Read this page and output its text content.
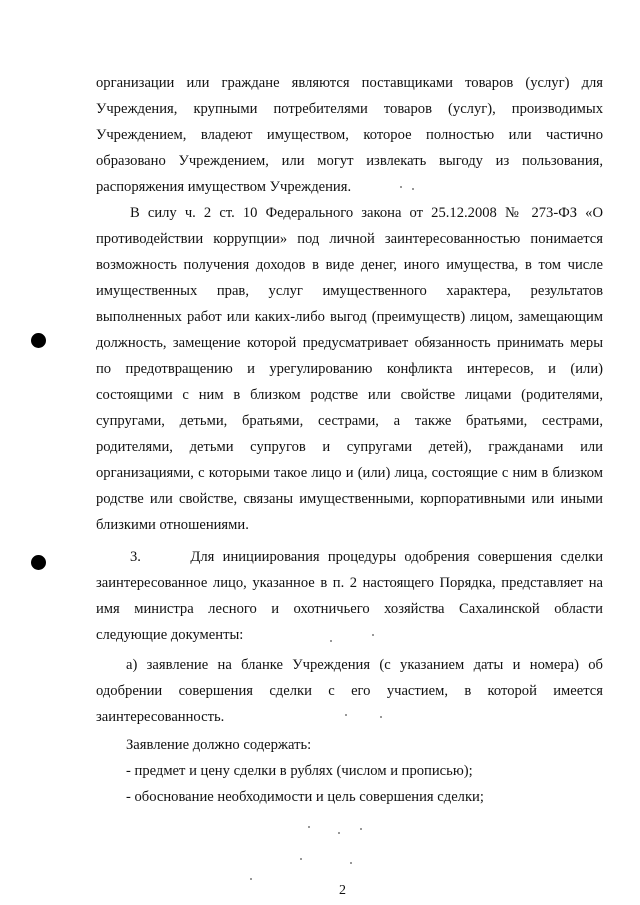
организации или граждане являются поставщиками товаров (услуг) для
Учреждения, крупными потребителями товаров (услуг), производимых
Учреждением, владеют имуществом, которое полностью или частично
образовано Учреждением, или могут извлекать выгоду из пользования,
распоряжения имуществом Учреждения.
В силу ч. 2 ст. 10 Федерального закона от 25.12.2008 № 273-ФЗ «О
противодействии коррупции» под личной заинтересованностью понимается
возможность получения доходов в виде денег, иного имущества, в том числе
имущественных прав, услуг имущественного характера, результатов
выполненных работ или каких-либо выгод (преимуществ) лицом, замещающим
должность, замещение которой предусматривает обязанность принимать меры
по предотвращению и урегулированию конфликта интересов, и (или)
состоящими с ним в близком родстве или свойстве лицами (родителями,
супругами, детьми, братьями, сестрами, а также братьями, сестрами,
родителями, детьми супругов и супругами детей), гражданами или
организациями, с которыми такое лицо и (или) лица, состоящие с ним в близком
родстве или свойстве, связаны имущественными, корпоративными или иными
близкими отношениями.
3.      Для инициирования процедуры одобрения совершения сделки
заинтересованное лицо, указанное в п. 2 настоящего Порядка, представляет на
имя министра лесного и охотничьего хозяйства Сахалинской области
следующие документы:
а) заявление на бланке Учреждения (с указанием даты и номера) об
одобрении совершения сделки с его участием, в которой имеется
заинтересованность.
Заявление должно содержать:
- предмет и цену сделки в рублях (числом и прописью);
- обоснование необходимости и цель совершения сделки;
2
